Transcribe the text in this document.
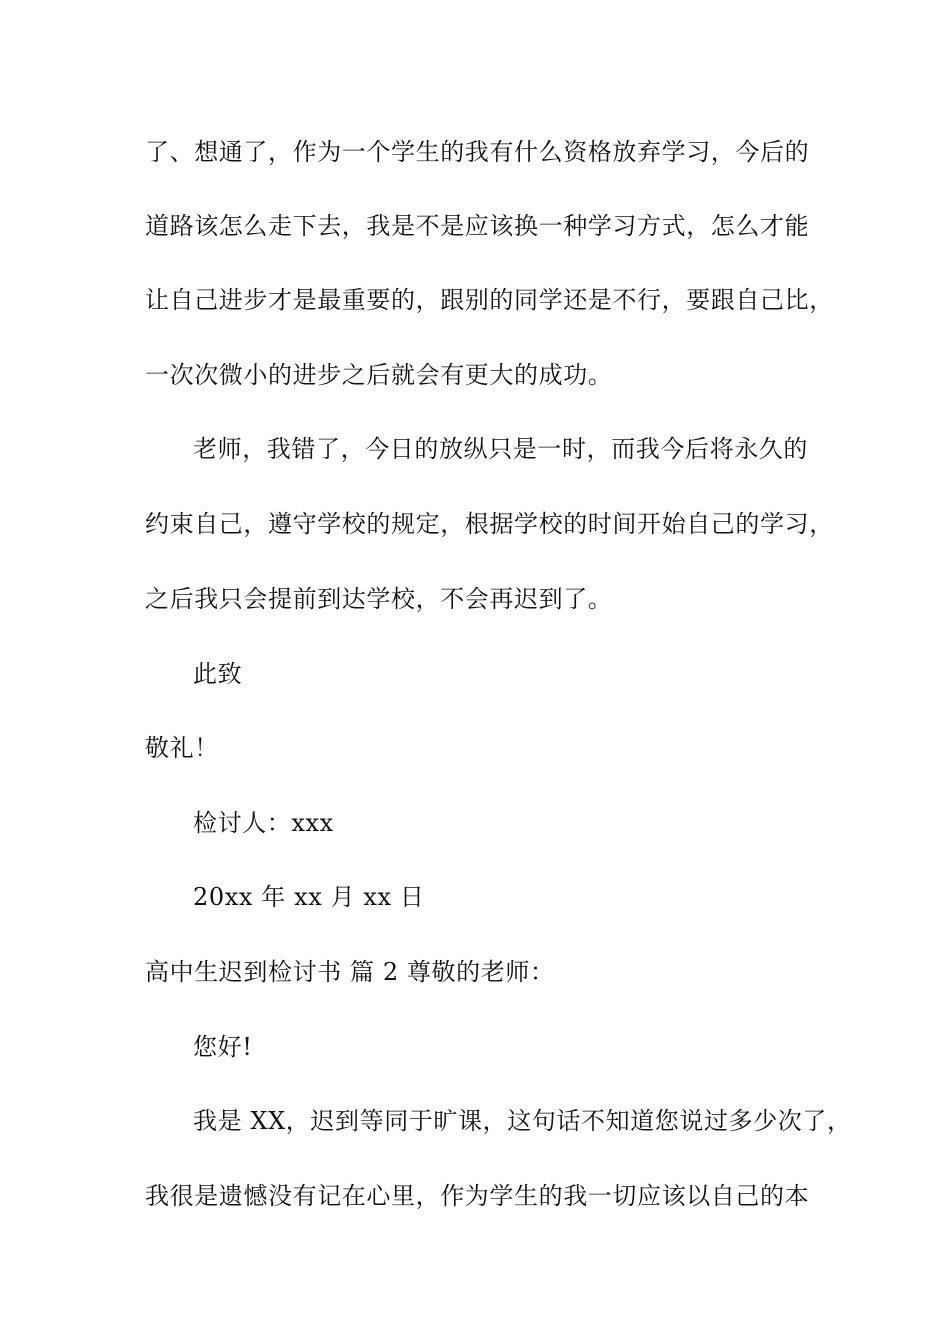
了、想通了，作为一个学生的我有什么资格放弃学习，今后的
道路该怎么走下去，我是不是应该换一种学习方式，怎么才能
让自己进步才是最重要的，跟别的同学还是不行，要跟自己比，
一次次微小的进步之后就会有更大的成功。
老师，我错了，今日的放纵只是一时，而我今后将永久的
约束自己，遵守学校的规定，根据学校的时间开始自己的学习，
之后我只会提前到达学校，不会再迟到了。
此致
敬礼！
检讨人：xxx
20xx 年 xx 月 xx 日
高中生迟到检讨书 篇 2 尊敬的老师：
您好!
我是 XX，迟到等同于旷课，这句话不知道您说过多少次了，
我很是遗憾没有记在心里，作为学生的我一切应该以自己的本
